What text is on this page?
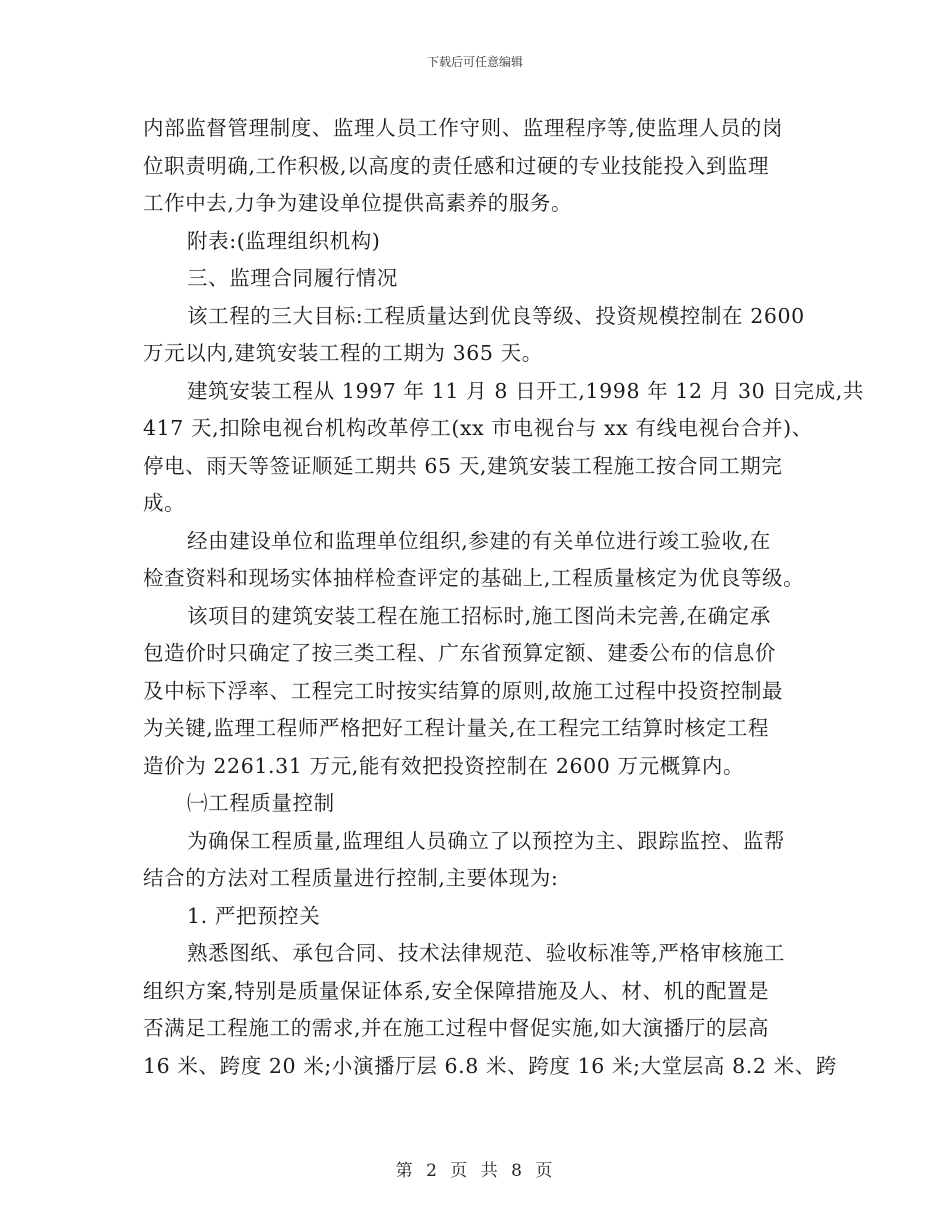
下载后可任意编辑
内部监督管理制度、监理人员工作守则、监理程序等,使监理人员的岗
位职责明确,工作积极,以高度的责任感和过硬的专业技能投入到监理
工作中去,力争为建设单位提供高素养的服务。
附表:(监理组织机构)
三、监理合同履行情况
该工程的三大目标:工程质量达到优良等级、投资规模控制在 2600
万元以内,建筑安装工程的工期为 365 天。
建筑安装工程从 1997 年 11 月 8 日开工,1998 年 12 月 30 日完成,共
417 天,扣除电视台机构改革停工(xx 市电视台与 xx 有线电视台合并)、
停电、雨天等签证顺延工期共 65 天,建筑安装工程施工按合同工期完
成。
经由建设单位和监理单位组织,参建的有关单位进行竣工验收,在
检查资料和现场实体抽样检查评定的基础上,工程质量核定为优良等级。
该项目的建筑安装工程在施工招标时,施工图尚未完善,在确定承
包造价时只确定了按三类工程、广东省预算定额、建委公布的信息价
及中标下浮率、工程完工时按实结算的原则,故施工过程中投资控制最
为关键,监理工程师严格把好工程计量关,在工程完工结算时核定工程
造价为 2261.31 万元,能有效把投资控制在 2600 万元概算内。
㈠工程质量控制
为确保工程质量,监理组人员确立了以预控为主、跟踪监控、监帮
结合的方法对工程质量进行控制,主要体现为:
1. 严把预控关
熟悉图纸、承包合同、技术法律规范、验收标准等,严格审核施工
组织方案,特别是质量保证体系,安全保障措施及人、材、机的配置是
否满足工程施工的需求,并在施工过程中督促实施,如大演播厅的层高
16 米、跨度 20 米;小演播厅层 6.8 米、跨度 16 米;大堂层高 8.2 米、跨
第 2 页 共 8 页
